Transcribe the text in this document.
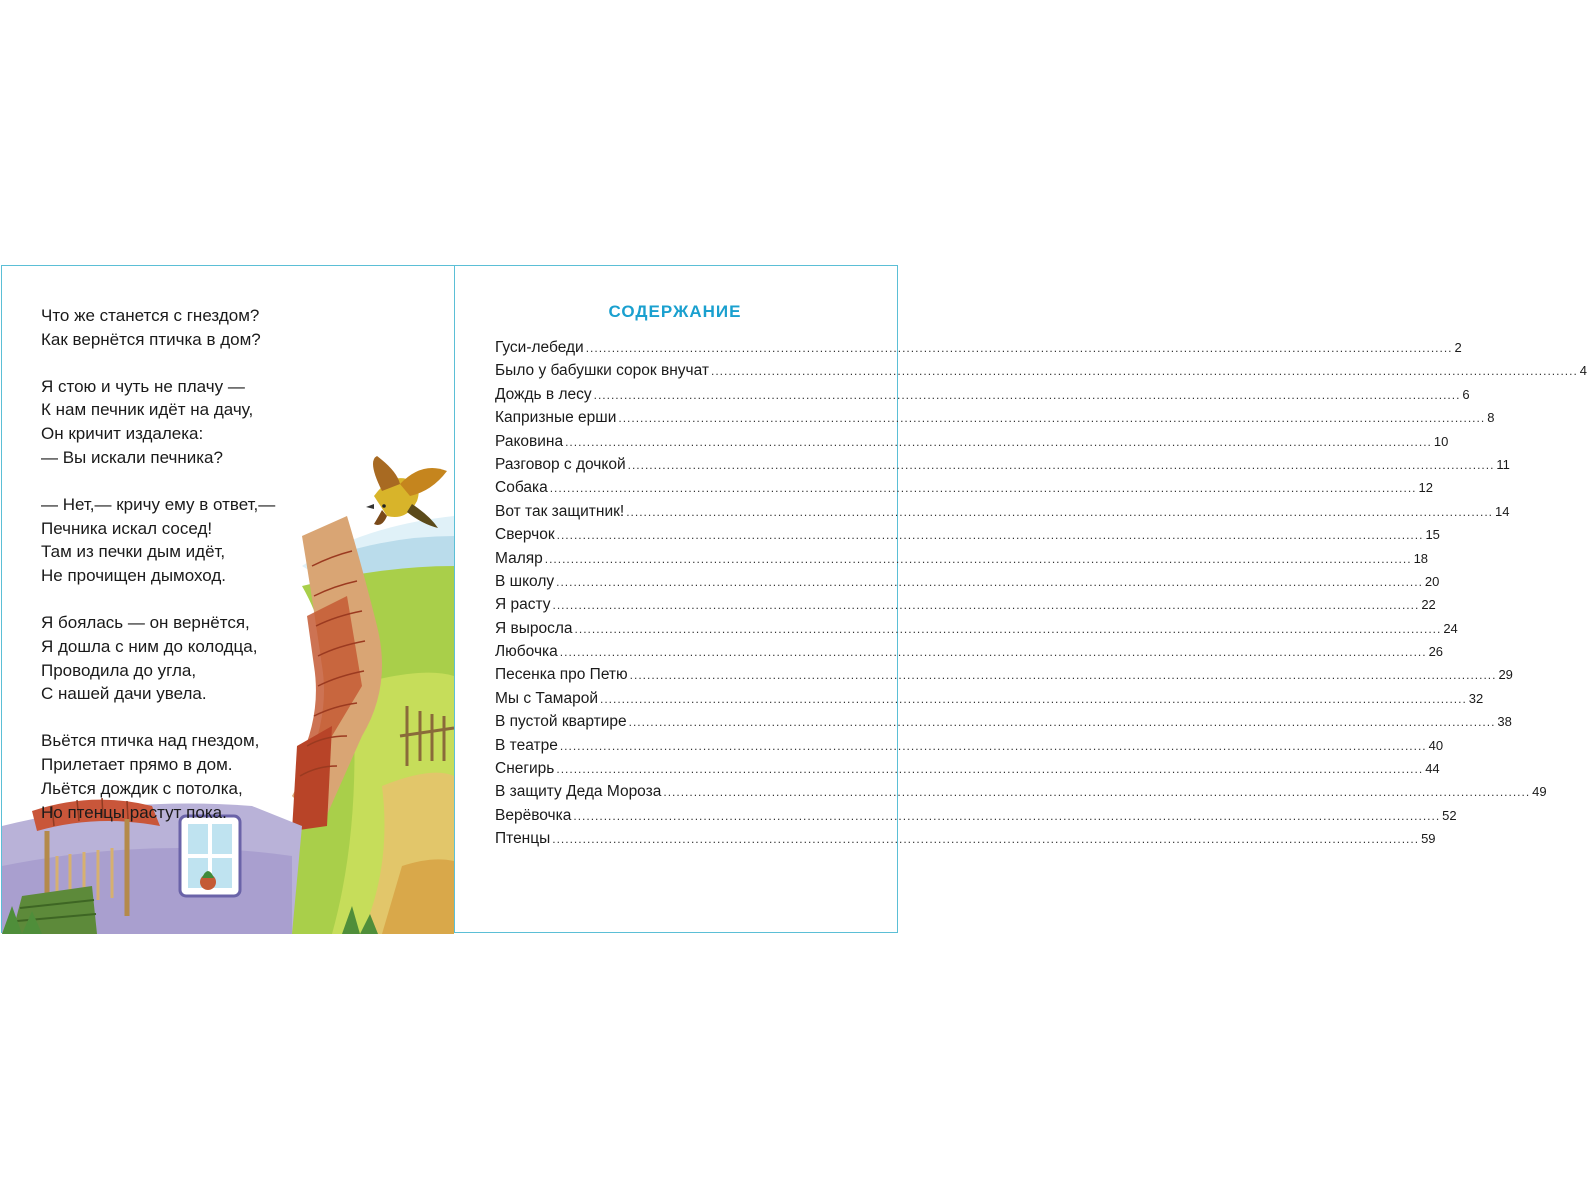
Что же станется с гнездом?
Как вернётся птичка в дом?
Я стою и чуть не плачу —
К нам печник идёт на дачу,
Он кричит издалека:
— Вы искали печника?
— Нет,— кричу ему в ответ,—
Печника искал сосед!
Там из печки дым идёт,
Не прочищен дымоход.
Я боялась — он вернётся,
Я дошла с ним до колодца,
Проводила до угла,
С нашей дачи увела.
Вьётся птичка над гнездом,
Прилетает прямо в дом.
Льётся дождик с потолка,
Но птенцы растут пока.
СОДЕРЖАНИЕ
Гуси-лебеди ........................................................................................................................................................................................................ 2
Было у бабушки сорок внучат ........................................................................................................................................................................................................ 4
Дождь в лесу ........................................................................................................................................................................................................ 6
Капризные ерши ........................................................................................................................................................................................................ 8
Раковина ........................................................................................................................................................................................................ 10
Разговор с дочкой ........................................................................................................................................................................................................ 11
Собака ........................................................................................................................................................................................................ 12
Вот так защитник! ........................................................................................................................................................................................................ 14
Сверчок ........................................................................................................................................................................................................ 15
Маляр ........................................................................................................................................................................................................ 18
В школу ........................................................................................................................................................................................................ 20
Я расту ........................................................................................................................................................................................................ 22
Я выросла ........................................................................................................................................................................................................ 24
Любочка ........................................................................................................................................................................................................ 26
Песенка про Петю ........................................................................................................................................................................................................ 29
Мы с Тамарой ........................................................................................................................................................................................................ 32
В пустой квартире ........................................................................................................................................................................................................ 38
В театре ........................................................................................................................................................................................................ 40
Снегирь ........................................................................................................................................................................................................ 44
В защиту Деда Мороза ........................................................................................................................................................................................................ 49
Верёвочка ........................................................................................................................................................................................................ 52
Птенцы ........................................................................................................................................................................................................ 59
